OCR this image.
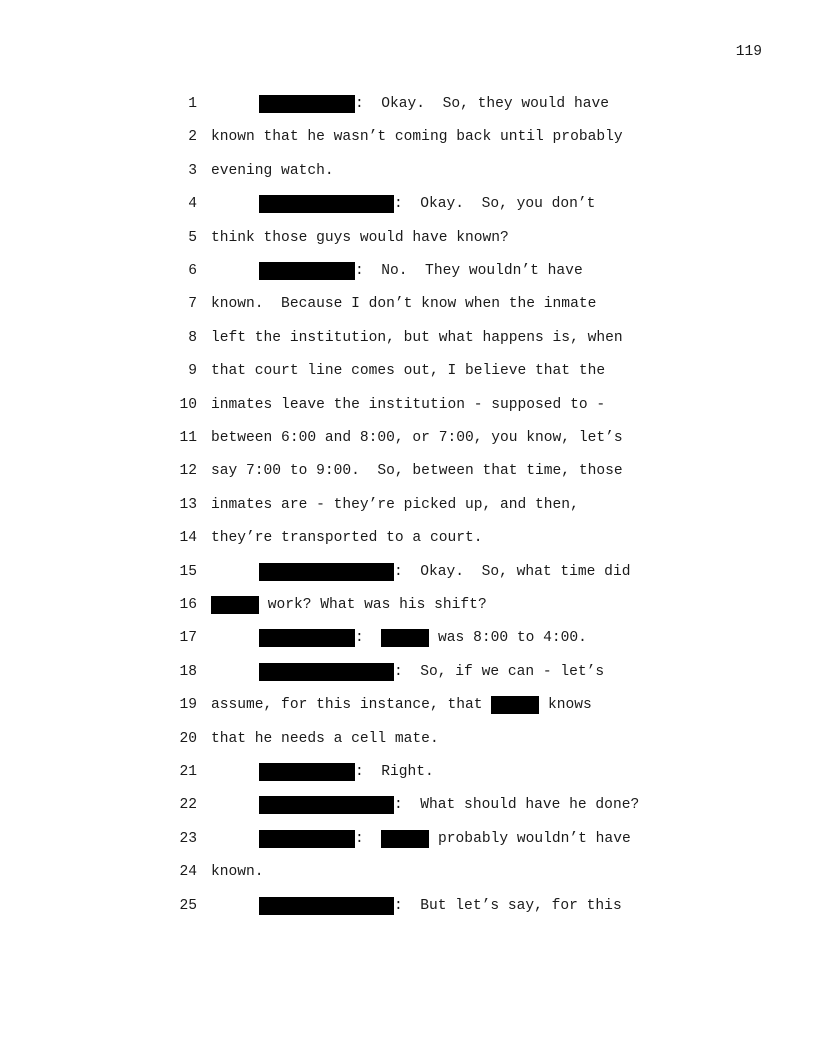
119
1	:  Okay.  So, they would have
2 known that he wasn’t coming back until probably
3 evening watch.
4	:  Okay.  So, you don’t
5 think those guys would have known?
6	:  No.  They wouldn’t have
7 known.  Because I don’t know when the inmate
8 left the institution, but what happens is, when
9 that court line comes out, I believe that the
10 inmates leave the institution - supposed to -
11 between 6:00 and 8:00, or 7:00, you know, let’s
12 say 7:00 to 9:00.  So, between that time, those
13 inmates are - they’re picked up, and then,
14 they’re transported to a court.
15	:  Okay.  So, what time did
16	work? What was his shift?
17	:	was 8:00 to 4:00.
18	:  So, if we can - let’s
19 assume, for this instance, that	knows
20 that he needs a cell mate.
21	:  Right.
22	:  What should have he done?
23	:	probably wouldn’t have
24 known.
25	:  But let’s say, for this
